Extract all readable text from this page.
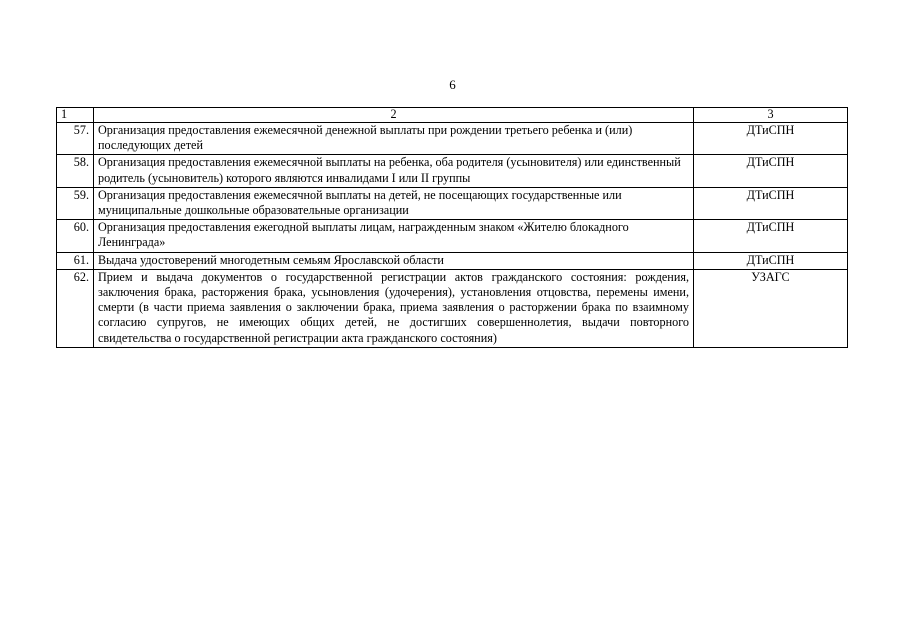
6
1	2	3
57.	Организация предоставления ежемесячной денежной выплаты при рождении третьего ребенка и (или) последующих детей	ДТиСПН
58.	Организация предоставления ежемесячной выплаты на ребенка, оба родителя (усыновителя) или единственный родитель (усыновитель) которого являются инвалидами I или II группы	ДТиСПН
59.	Организация предоставления ежемесячной выплаты на детей, не посещающих государственные или муниципальные дошкольные образовательные организации	ДТиСПН
60.	Организация предоставления ежегодной выплаты лицам, награжденным знаком «Жителю блокадного Ленинграда»	ДТиСПН
61.	Выдача удостоверений многодетным семьям Ярославской области	ДТиСПН
62.	Прием и выдача документов о государственной регистрации актов гражданского состояния: рождения, заключения брака, расторжения брака, усыновления (удочерения), установления отцовства, перемены имени, смерти (в части приема заявления о заключении брака, приема заявления о расторжении брака по взаимному согласию супругов, не имеющих общих детей, не достигших совершеннолетия, выдачи повторного свидетельства о государственной регистрации акта гражданского состояния)	УЗАГС
